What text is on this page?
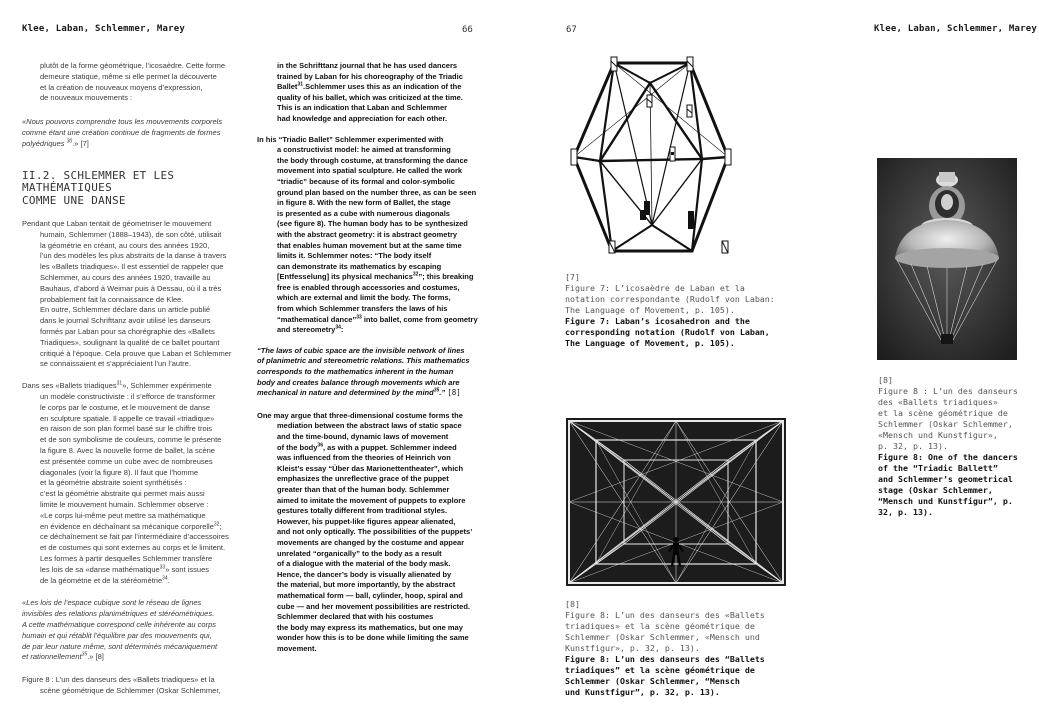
Klee, Laban, Schlemmer, Marey	66	67	Klee, Laban, Schlemmer, Marey

plutôt de la forme géométrique, l’icosaèdre. Cette forme

demeure statique, même si elle permet la découverte

et la création de nouveaux moyens d’expression,

de nouveaux mouvements :

«Nous pouvons comprendre tous les mouvements corporels

comme étant une création continue de fragments de formes

polyédriques $^{30}$.» [7]

II.2. SCHLEMMER ET LES MATHÉMATIQUES
COMME UNE DANSE

Pendant que Laban tentait de géometriser le mouvement

humain, Schlemmer (1888–1943), de son côté, utilisait

la géométrie en créant, au cours des années 1920,

l’un des modèles les plus abstraits de la danse à travers

les «Ballets triadiques». Il est essentiel de rappeler que

Schlemmer, au cours des années 1920, travaille au

Bauhaus, d’abord à Weimar puis à Dessau, où il a très

probablement fait la connaissance de Klee.

En outre, Schlemmer déclare dans un article publié

dans le journal Schrifttanz avoir utilisé les danseurs

formés par Laban pour sa chorégraphie des «Ballets

Triadiques», soulignant la qualité de ce ballet pourtant

critiqué à l’époque. Cela prouve que Laban et Schlemmer

se connaissaient et s’appréciaient l’un l’autre.

Dans ses «Ballets triadiques$^{31}$», Schlemmer expérimente

un modèle constructiviste : il s’efforce de transformer

le corps par le costume, et le mouvement de danse

en sculpture spatiale. Il appelle ce travail «triadique»

en raison de son plan formel basé sur le chiffre trois

et de son symbolisme de couleurs, comme le présente

la figure 8. Avec la nouvelle forme de ballet, la scène

est présentée comme un cube avec de nombreuses

diagonales (voir la figure 8). Il faut que l’homme

et la géométrie abstraite soient synthétisés :

c’est la géométrie abstraite qui permet mais aussi

limite le mouvement humain. Schlemmer observe :

«Le corps lui-même peut mettre sa mathématique

en évidence en déchaînant sa mécanique corporelle$^{32}$;

ce déchaînement se fait par l’intermédiaire d’accessoires

et de costumes qui sont externes au corps et le limitent.

Les formes à partir desquelles Schlemmer transfère

les lois de sa «danse mathématique$^{33}$» sont issues

de la géométrie et de la stéréométrie$^{34}$.

«Les lois de l’espace cubique sont le réseau de lignes

invisibles des relations planimétriques et stéréométriques.

A cette mathématique correspond celle inhérente au corps

humain et qui rétablit l’équilibre par des mouvements qui,

de par leur nature même, sont déterminés mécaniquement

et rationnellement$^{35}$.» [8]

Figure 8 : L’un des danseurs des «Ballets triadiques» et la

scène géométrique de Schlemmer (Oskar Schlemmer,

in the Schrifttanz journal that he has used dancers

trained by Laban for his choreography of the Triadic

Ballet$^{31}$.Schlemmer uses this as an indication of the

quality of his ballet, which was criticized at the time.

This is an indication that Laban and Schlemmer

had knowledge and appreciation for each other.

In his “Triadic Ballet” Schlemmer experimented with

a constructivist model: he aimed at transforming

the body through costume, at transforming the dance

movement into spatial sculpture. He called the work

“triadic” because of its formal and color-symbolic

ground plan based on the number three, as can be seen

in figure 8. With the new form of Ballet, the stage

is presented as a cube with numerous diagonals

(see figure 8). The human body has to be synthesized

with the abstract geometry: it is abstract geometry

that enables human movement but at the same time

limits it. Schlemmer notes: “The body itself

can demonstrate its mathematics by escaping

[Entfesselung] its physical mechanics$^{32}$”; this breaking

free is enabled through accessories and costumes,

which are external and limit the body. The forms,

from which Schlemmer transfers the laws of his

“mathematical dance”$^{33}$ into ballet, come from geometry

and stereometry$^{34}$:

“The laws of cubic space are the invisible network of lines

of planimetric and stereometric relations. This mathematics

corresponds to the mathematics inherent in the human

body and creates balance through movements which are

mechanical in nature and determined by the mind$^{35}$.” [8]

One may argue that three-dimensional costume forms the

mediation between the abstract laws of static space

and the time-bound, dynamic laws of movement

of the body$^{36}$, as with a puppet. Schlemmer indeed

was influenced from the theories of Heinrich von

Kleist’s essay “Über das Marionettentheater”, which

emphasizes the unreflective grace of the puppet

greater than that of the human body. Schlemmer

aimed to imitate the movement of puppets to explore

gestures totally different from traditional styles.

However, his puppet-like figures appear alienated,

and not only optically. The possibilities of the puppets’

movements are changed by the costume and appear

unrelated “organically” to the body as a result

of a dialogue with the material of the body mask.

Hence, the dancer’s body is visually alienated by

the material, but more importantly, by the abstract

mathematical form — ball, cylinder, hoop, spiral and

cube — and her movement possibilities are restricted.

Schlemmer declared that with his costumes

the body may express its mathematics, but one may

wonder how this is to be done while limiting the same

movement.

[7]
Figure 7: L’icosaèdre de Laban et la
notation correspondante (Rudolf von Laban:
The Language of Movement, p. 105).
Figure 7: Laban’s icosahedron and the
corresponding notation (Rudolf von Laban,
The Language of Movement, p. 105).
[8]
Figure 8: L’un des danseurs des «Ballets
triadiques» et la scène géométrique de
Schlemmer (Oskar Schlemmer, «Mensch und
Kunstfigur», p. 32, p. 13).
Figure 8: L’un des danseurs des “Ballets
triadiques” et la scène géométrique de
Schlemmer (Oskar Schlemmer, “Mensch
und Kunstfigur”, p. 32, p. 13).
[8]
Figure 8 : L’un des danseurs
des «Ballets triadiques»
et la scène géométrique de
Schlemmer (Oskar Schlemmer,
«Mensch und Kunstfigur»,
p. 32, p. 13).
Figure 8: One of the dancers
of the “Triadic Ballett”
and Schlemmer’s geometrical
stage (Oskar Schlemmer,
“Mensch und Kunstfigur”, p.
32, p. 13).
